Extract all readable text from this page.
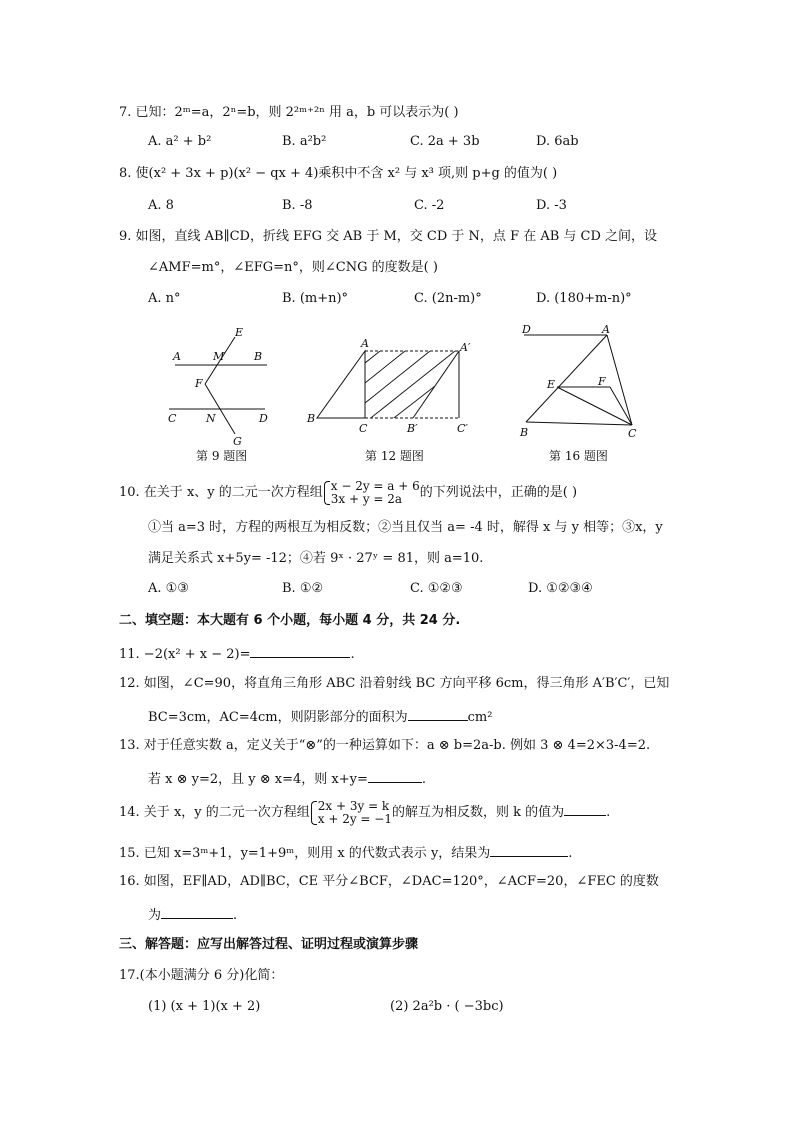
7. 已知：2ᵐ=a，2ⁿ=b，则 2²ᵐ⁺²ⁿ 用 a，b 可以表示为( )
A. a² + b²	B. a²b²	C. 2a + 3b	D. 6ab
8. 使(x² + 3x + p)(x² − qx + 4)乘积中不含 x² 与 x³ 项,则 p+g 的值为( )
A. 8	B. -8	C. -2	D. -3
9. 如图，直线 AB∥CD，折线 EFG 交 AB 于 M，交 CD 于 N，点 F 在 AB 与 CD 之间，设
∠AMF=m°，∠EFG=n°，则∠CNG 的度数是( )
A. n°	B. (m+n)°	C. (2n-m)°	D. (180+m-n)°
E
A	M	B
F
C	N	D
G
第 9 题图
A	A′
B
C	B′	C′
第 12 题图
D	A
E	F
B	C
第 16 题图
10. 在关于 x、y 的二元一次方程组 x − 2y = a + 6
3x + y = 2a	的下列说法中，正确的是( )
①当 a=3 时，方程的两根互为相反数；②当且仅当 a= -4 时，解得 x 与 y 相等；③x，y
满足关系式 x+5y= -12；④若 9ˣ · 27ʸ = 81，则 a=10.
A. ①③	B. ①②	C. ①②③	D. ①②③④
二、填空题：本大题有 6 个小题，每小题 4 分，共 24 分.
11. −2(x² + x − 2)=	.
12. 如图，∠C=90，将直角三角形 ABC 沿着射线 BC 方向平移 6cm，得三角形 A′B′C′，已知
BC=3cm，AC=4cm，则阴影部分的面积为	cm²
13. 对于任意实数 a，定义关于“⊗”的一种运算如下：a ⊗ b=2a-b. 例如 3 ⊗ 4=2×3-4=2.
若 x ⊗ y=2，且 y ⊗ x=4，则 x+y=	.
14. 关于 x，y 的二元一次方程组 2x + 3y = k
x + 2y = −1 的解互为相反数，则 k 的值为	.
15. 已知 x=3ᵐ+1，y=1+9ᵐ，则用 x 的代数式表示 y，结果为	.
16. 如图，EF∥AD，AD∥BC，CE 平分∠BCF，∠DAC=120°，∠ACF=20，∠FEC 的度数
为	.
三、解答题：应写出解答过程、证明过程或演算步骤
17.(本小题满分 6 分)化简：
(1) (x + 1)(x + 2)	(2) 2a²b · ( −3bc)
